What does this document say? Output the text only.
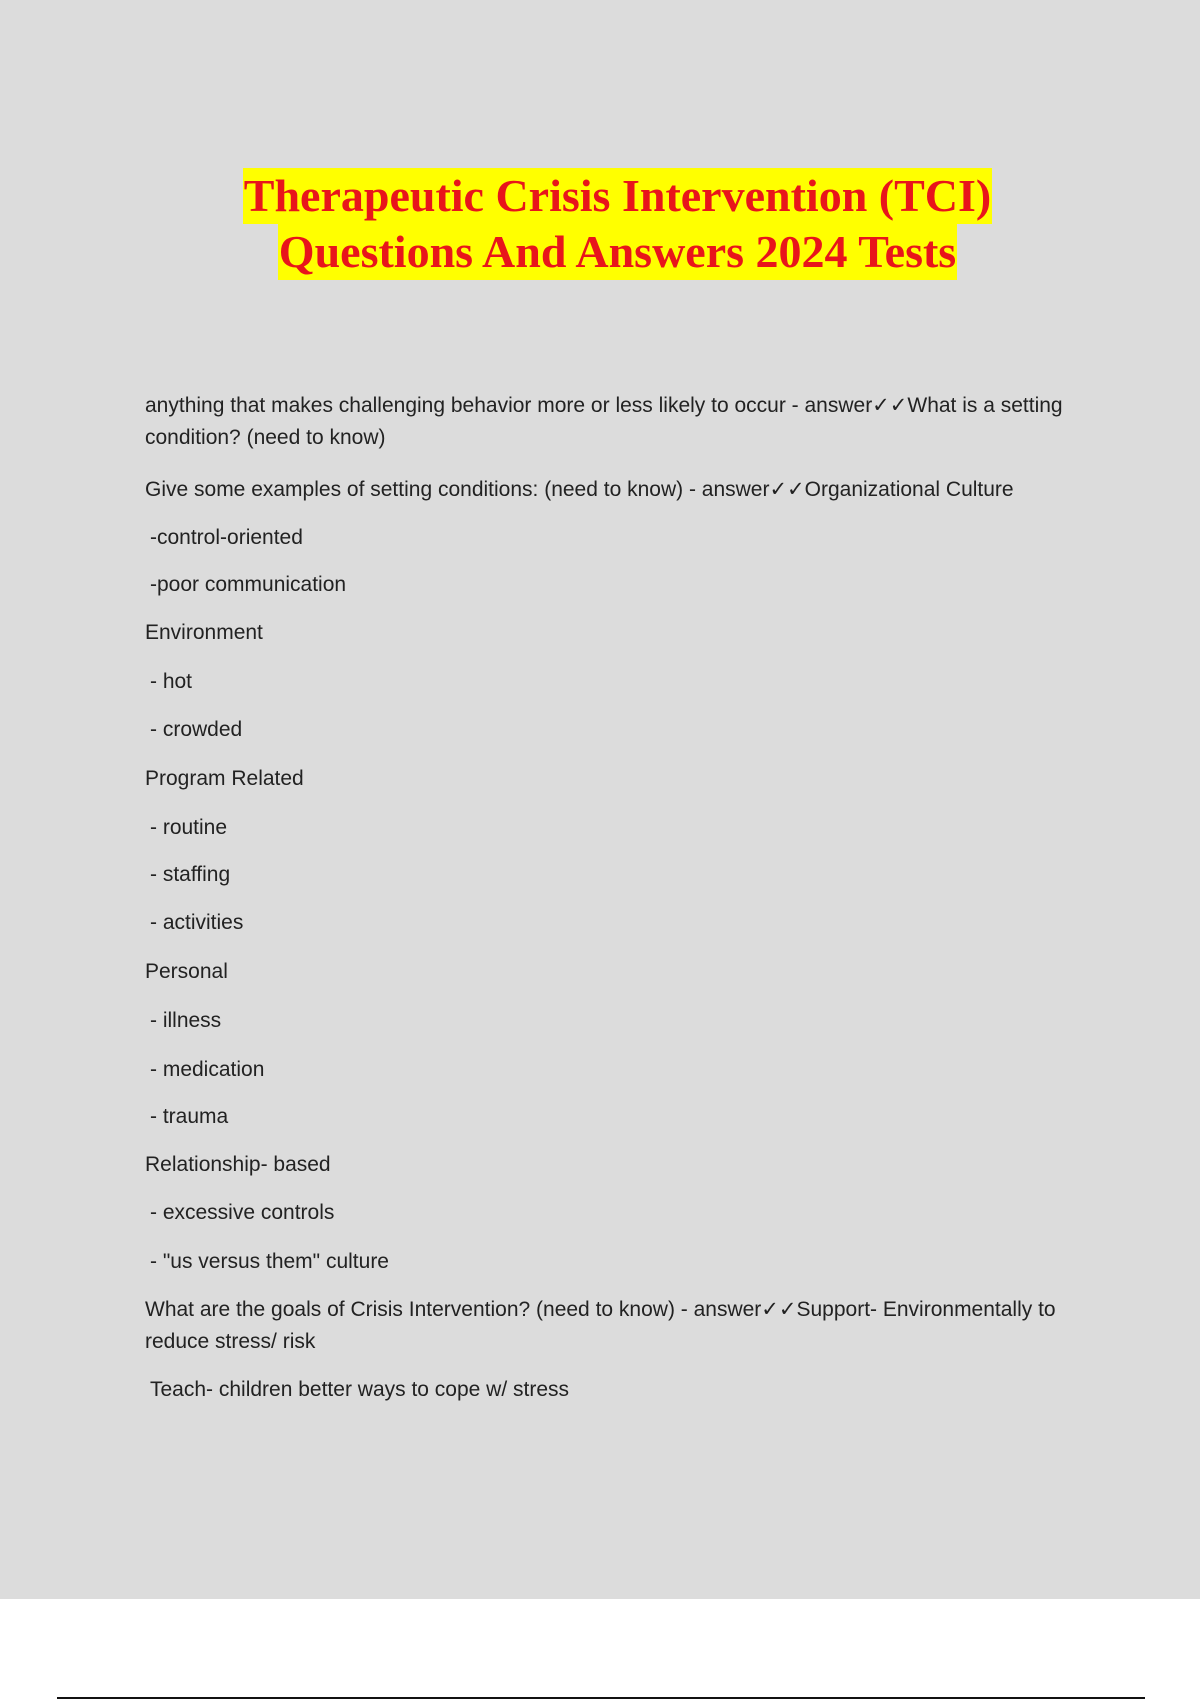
Therapeutic Crisis Intervention (TCI)
Questions And Answers 2024 Tests

anything that makes challenging behavior more or less likely to occur - answer✓✓What is a setting condition? (need to know)

Give some examples of setting conditions: (need to know) - answer✓✓Organizational Culture

-control-oriented

-poor communication

Environment

- hot

- crowded

Program Related

- routine

- staffing

- activities

Personal

- illness

- medication

- trauma

Relationship- based

- excessive controls

- "us versus them" culture

What are the goals of Crisis Intervention? (need to know) - answer✓✓Support- Environmentally to reduce stress/ risk

Teach- children better ways to cope w/ stress
